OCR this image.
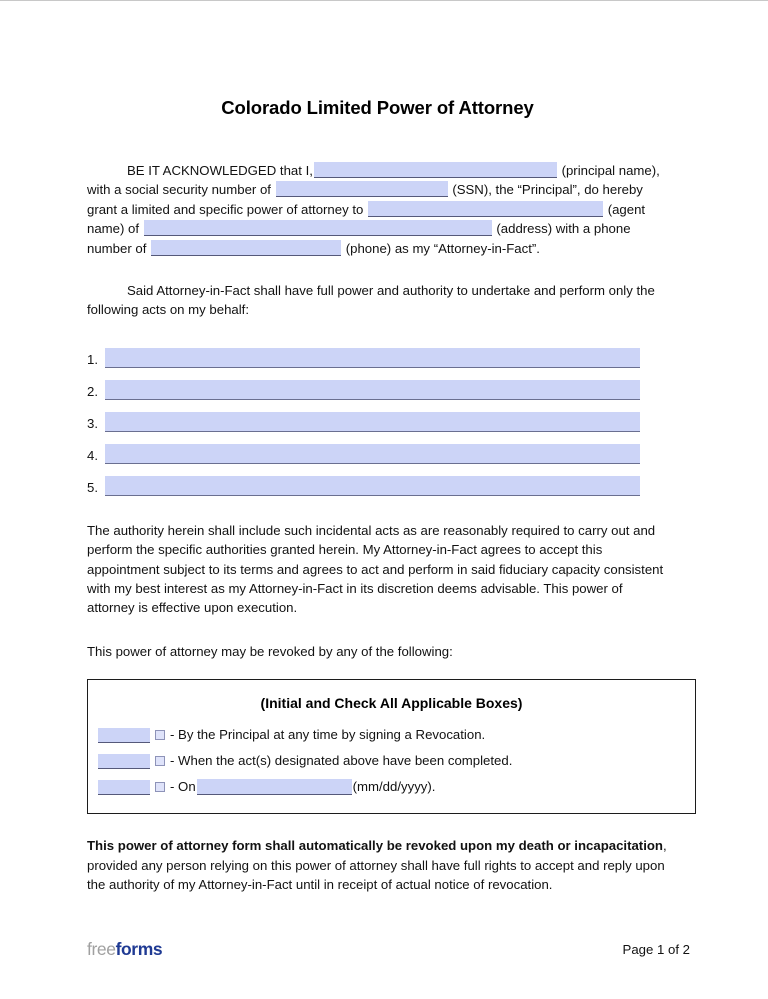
Colorado Limited Power of Attorney

BE IT ACKNOWLEDGED that I,	(principal name), with a social security number of	(SSN), the “Principal”, do hereby grant a limited and specific power of attorney to	(agent name) of	(address) with a phone number of	(phone) as my “Attorney-in-Fact”.

Said Attorney-in-Fact shall have full power and authority to undertake and perform only the following acts on my behalf:

1.
2.
3.
4.
5.

The authority herein shall include such incidental acts as are reasonably required to carry out and perform the specific authorities granted herein. My Attorney-in-Fact agrees to accept this appointment subject to its terms and agrees to act and perform in said fiduciary capacity consistent with my best interest as my Attorney-in-Fact in its discretion deems advisable. This power of attorney is effective upon execution.

This power of attorney may be revoked by any of the following:

(Initial and Check All Applicable Boxes)

- By the Principal at any time by signing a Revocation.
- When the act(s) designated above have been completed.
- On	(mm/dd/yyyy).

This power of attorney form shall automatically be revoked upon my death or incapacitation, provided any person relying on this power of attorney shall have full rights to accept and reply upon the authority of my Attorney-in-Fact until in receipt of actual notice of revocation.

freeforms	Page 1 of 2
